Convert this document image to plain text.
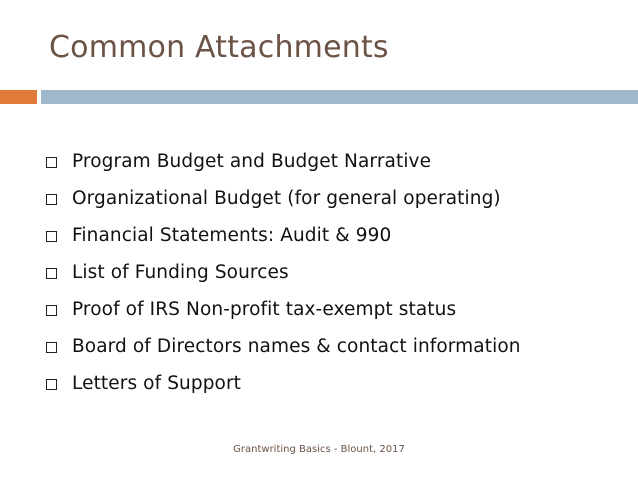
Common Attachments
Program Budget and Budget Narrative
Organizational Budget (for general operating)
Financial Statements: Audit & 990
List of Funding Sources
Proof of IRS Non-profit tax-exempt status
Board of Directors names & contact information
Letters of Support
Grantwriting Basics - Blount, 2017
